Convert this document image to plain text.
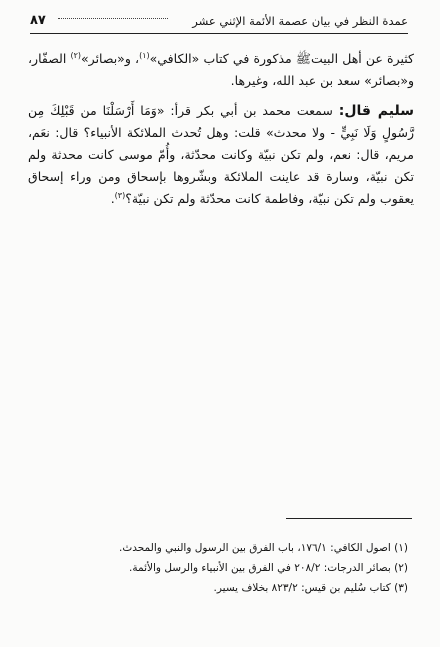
عمدة النظر في بيان عصمة الأئمة الإثني عشر
٨٧

كثيرة عن أهل البيتﷺ مذكورة في كتاب «الكافي»$^{(١)}$، و«بصائر»$^{(٢)}$ الصفّار، و«بصائر» سعد بن عبد الله، وغيرها.

سليم قال: سمعت محمد بن أبي بكر قرأ: «وَمَا أَرْسَلْنَا من قَبْلِكَ مِن رَّسُولٍ وَلَا نَبِيٍّ - ولا محدث» قلت: وهل تُحدث الملائكة الأنبياء؟ قال: نعَم، مريم، قال: نعم، ولم تكن نبيّة وكانت محدّثة، وأُمّ موسى كانت محدثة ولم تكن نبيّة، وسارة قد عاينت الملائكة وبشّروها بإسحاق ومن وراء إسحاق يعقوب ولم تكن نبيّة، وفاطمة كانت محدّثة ولم تكن نبيّة؟$^{(٣)}$.

(١) اصول الكافي: ١٧٦/١، باب الفرق بين الرسول والنبي والمحدث.
(٢) بصائر الدرجات: ٢٠٨/٢ في الفرق بين الأنبياء والرسل والأئمة.
(٣) كتاب سُليم بن قيس: ٨٢٣/٢ بخلاف يسير.
